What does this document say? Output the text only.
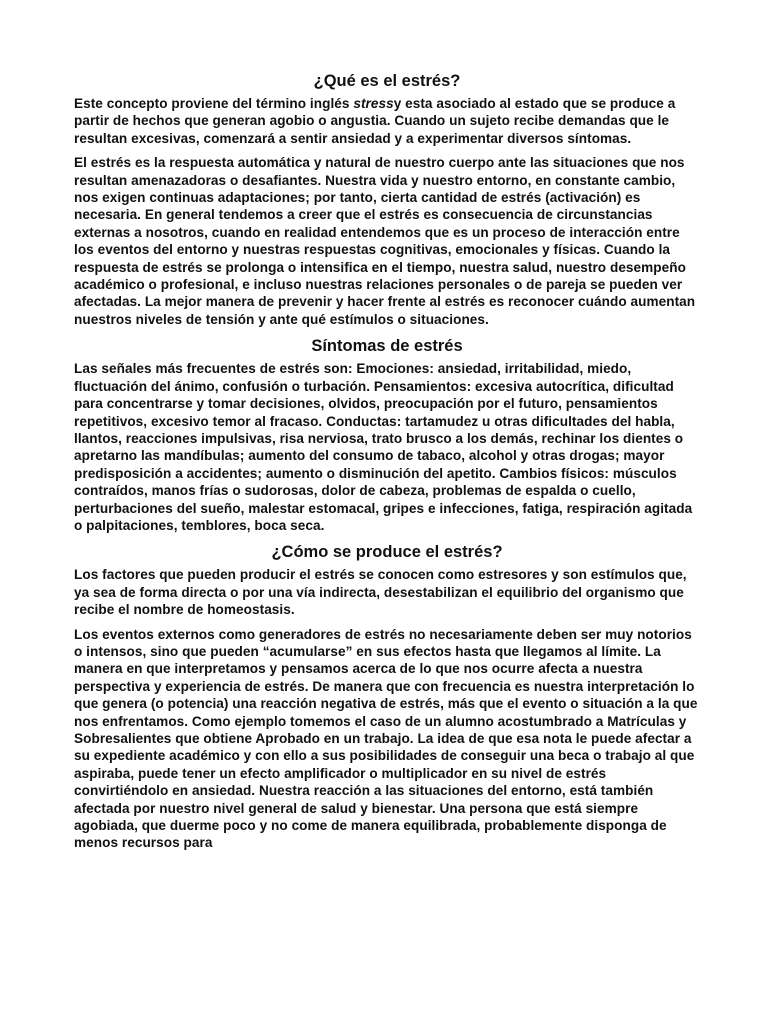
¿Qué es el estrés?

Este concepto proviene del término inglés stressy esta asociado al estado que se produce a partir de hechos que generan agobio o angustia. Cuando un sujeto recibe demandas que le resultan excesivas, comenzará a sentir ansiedad y a experimentar diversos síntomas.

El estrés es la respuesta automática y natural de nuestro cuerpo ante las situaciones que nos resultan amenazadoras o desafiantes. Nuestra vida y nuestro entorno, en constante cambio, nos exigen continuas adaptaciones; por tanto, cierta cantidad de estrés (activación) es necesaria. En general tendemos a creer que el estrés es consecuencia de circunstancias externas a nosotros, cuando en realidad entendemos que es un proceso de interacción entre los eventos del entorno y nuestras respuestas cognitivas, emocionales y físicas. Cuando la respuesta de estrés se prolonga o intensifica en el tiempo, nuestra salud, nuestro desempeño académico o profesional, e incluso nuestras relaciones personales o de pareja se pueden ver afectadas. La mejor manera de prevenir y hacer frente al estrés es reconocer cuándo aumentan nuestros niveles de tensión y ante qué estímulos o situaciones.

Síntomas de estrés

Las señales más frecuentes de estrés son: Emociones: ansiedad, irritabilidad, miedo, fluctuación del ánimo, confusión o turbación. Pensamientos: excesiva autocrítica, dificultad para concentrarse y tomar decisiones, olvidos, preocupación por el futuro, pensamientos repetitivos, excesivo temor al fracaso. Conductas: tartamudez u otras dificultades del habla, llantos, reacciones impulsivas, risa nerviosa, trato brusco a los demás, rechinar los dientes o apretarno las mandíbulas; aumento del consumo de tabaco, alcohol y otras drogas; mayor predisposición a accidentes; aumento o disminución del apetito. Cambios físicos: músculos contraídos, manos frías o sudorosas, dolor de cabeza, problemas de espalda o cuello, perturbaciones del sueño, malestar estomacal, gripes e infecciones, fatiga, respiración agitada o palpitaciones, temblores, boca seca.

¿Cómo se produce el estrés?

Los factores que pueden producir el estrés se conocen como estresores y son estímulos que, ya sea de forma directa o por una vía indirecta, desestabilizan el equilibrio del organismo que recibe el nombre de homeostasis.

Los eventos externos como generadores de estrés no necesariamente deben ser muy notorios o intensos, sino que pueden “acumularse” en sus efectos hasta que llegamos al límite. La manera en que interpretamos y pensamos acerca de lo que nos ocurre afecta a nuestra perspectiva y experiencia de estrés. De manera que con frecuencia es nuestra interpretación lo que genera (o potencia) una reacción negativa de estrés, más que el evento o situación a la que nos enfrentamos. Como ejemplo tomemos el caso de un alumno acostumbrado a Matrículas y Sobresalientes que obtiene Aprobado en un trabajo. La idea de que esa nota le puede afectar a su expediente académico y con ello a sus posibilidades de conseguir una beca o trabajo al que aspiraba, puede tener un efecto amplificador o multiplicador en su nivel de estrés convirtiéndolo en ansiedad. Nuestra reacción a las situaciones del entorno, está también afectada por nuestro nivel general de salud y bienestar. Una persona que está siempre agobiada, que duerme poco y no come de manera equilibrada, probablemente disponga de menos recursos para
